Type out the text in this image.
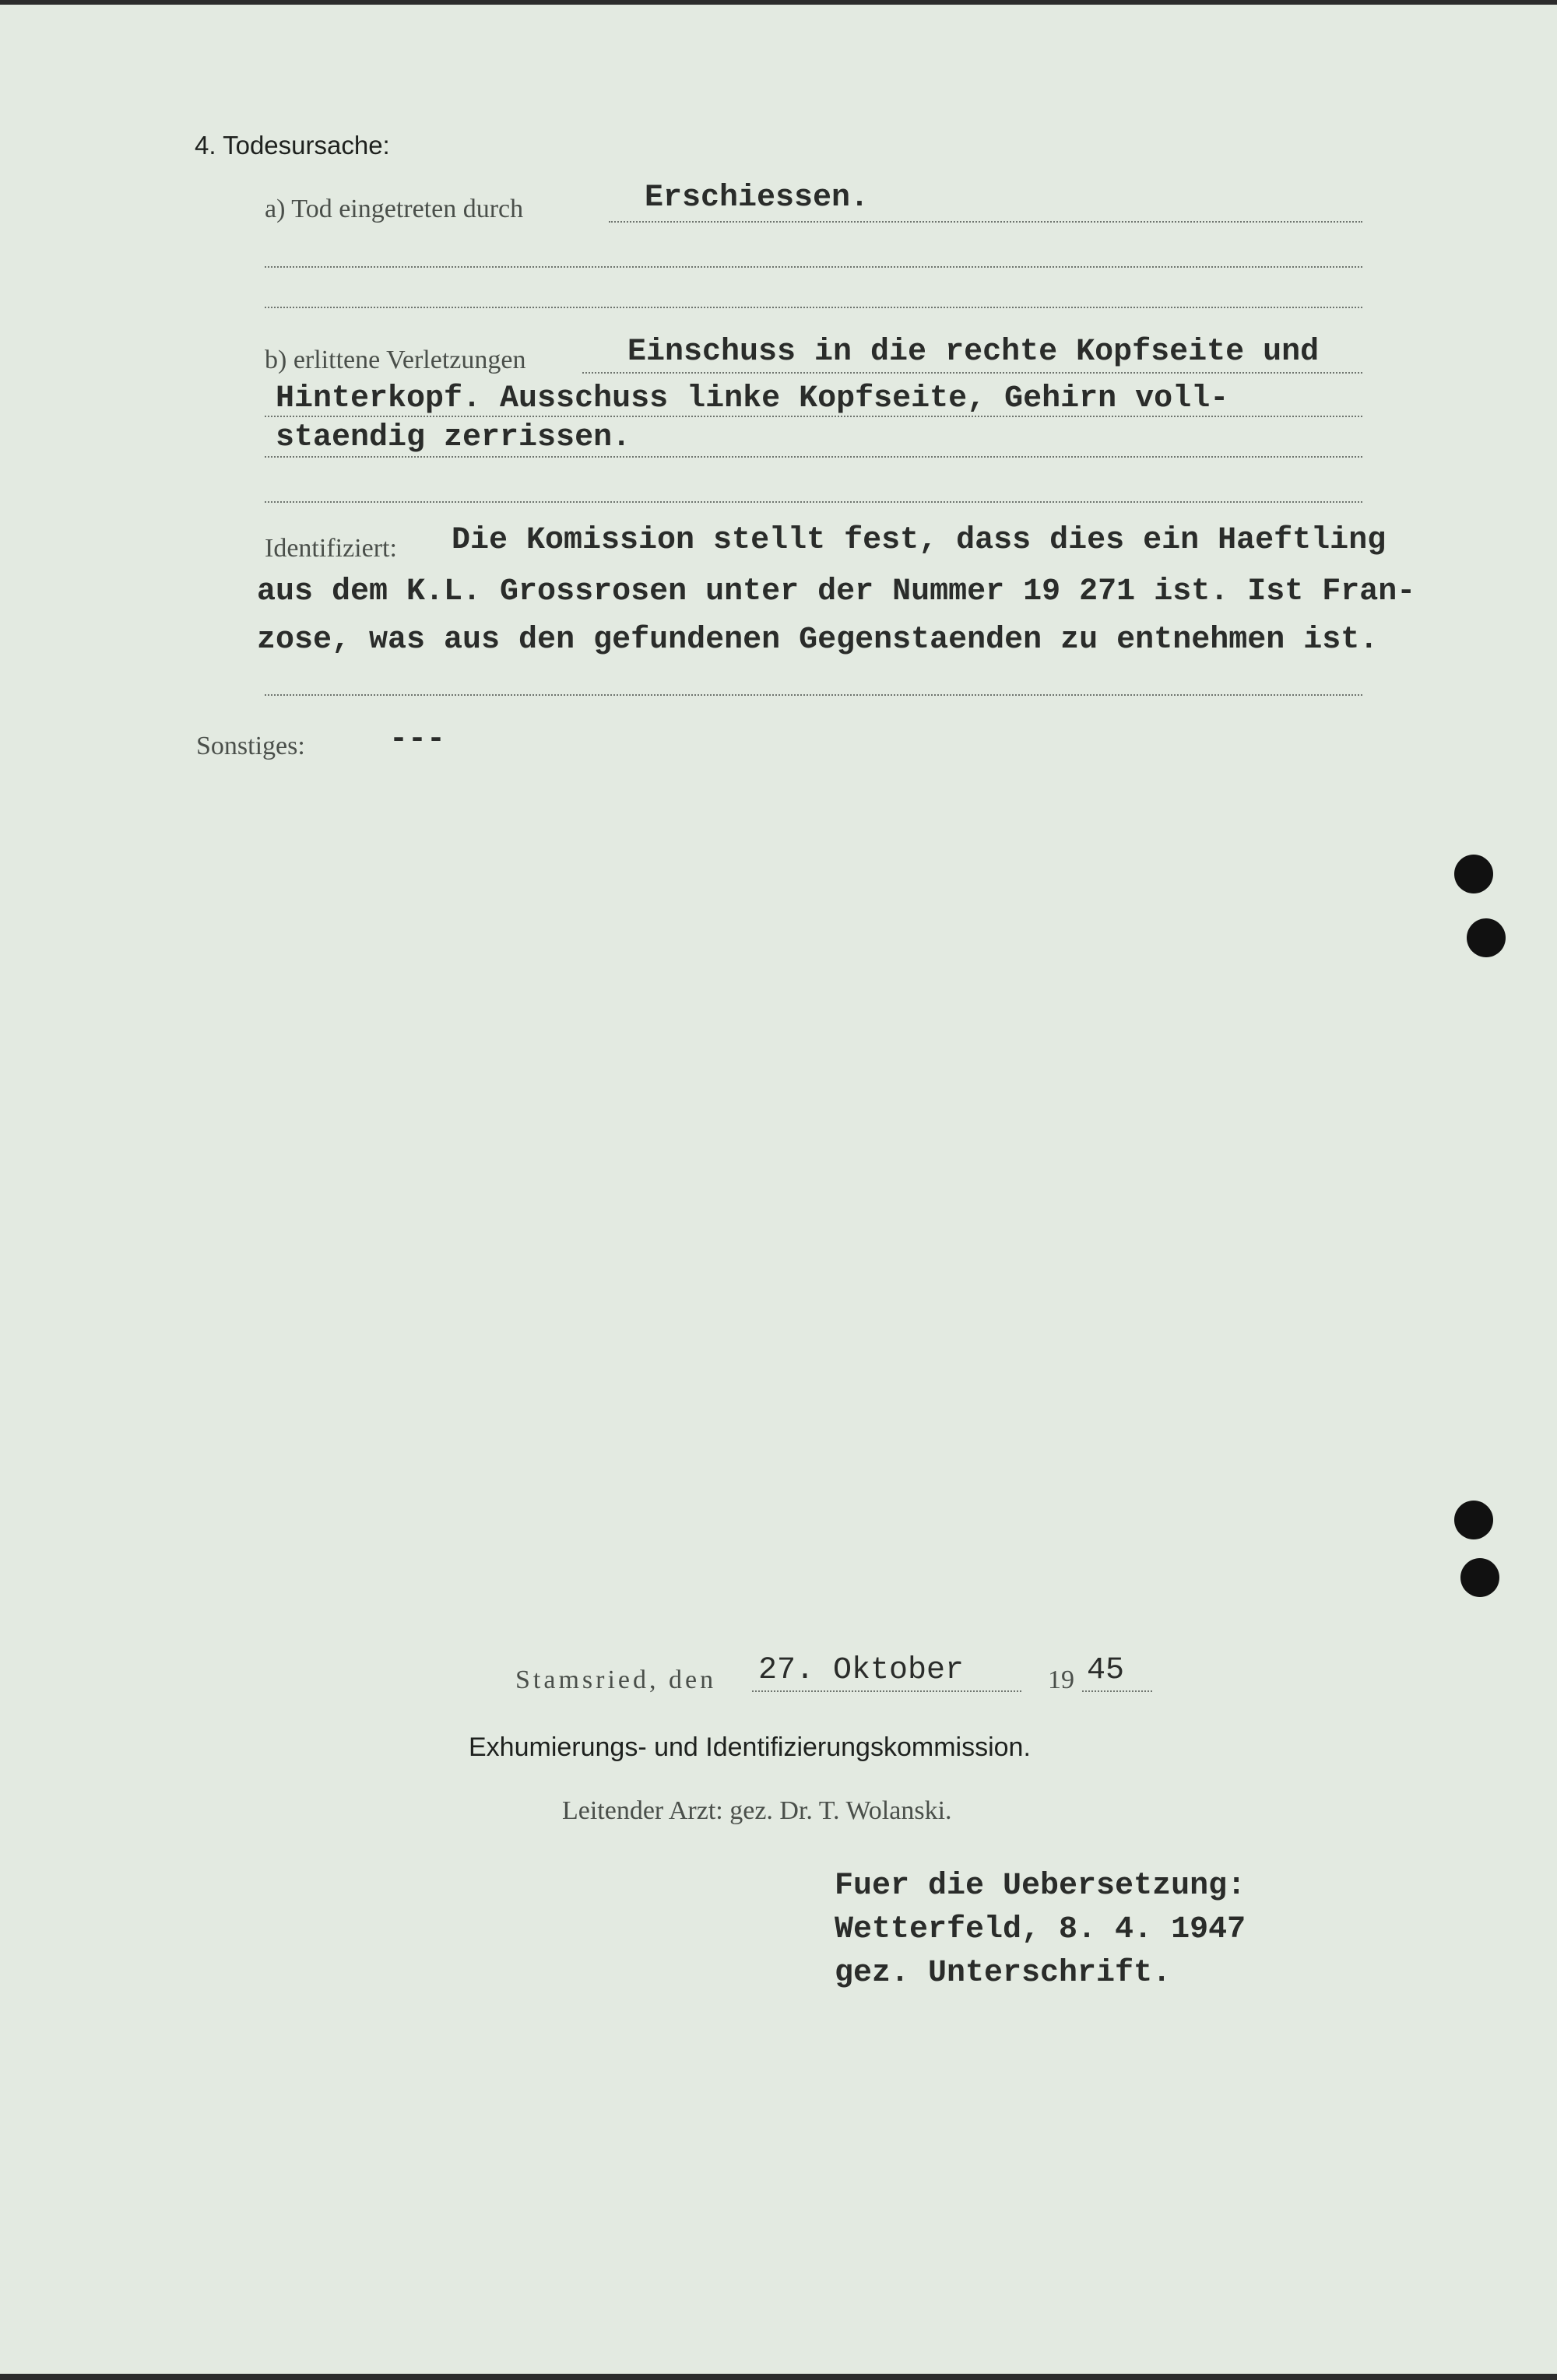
4. Todesursache:
a) Tod eingetreten durch	Erschiessen.
b) erlittene Verletzungen	Einschuss in die rechte Kopfseite und
Hinterkopf. Ausschuss linke Kopfseite, Gehirn voll-
staendig zerrissen.
Identifiziert: Die Komission stellt fest, dass dies ein Haeftling
aus dem K.L. Grossrosen unter der Nummer 19 271 ist. Ist Fran-
zose, was aus den gefundenen Gegenstaenden zu entnehmen ist.
Sonstiges:	---
Stamsried, den 27. Oktober	19 45
Exhumierungs- und Identifizierungskommission.
Leitender Arzt: gez. Dr. T. Wolanski.
Fuer die Uebersetzung:
Wetterfeld, 8. 4. 1947
gez. Unterschrift.
